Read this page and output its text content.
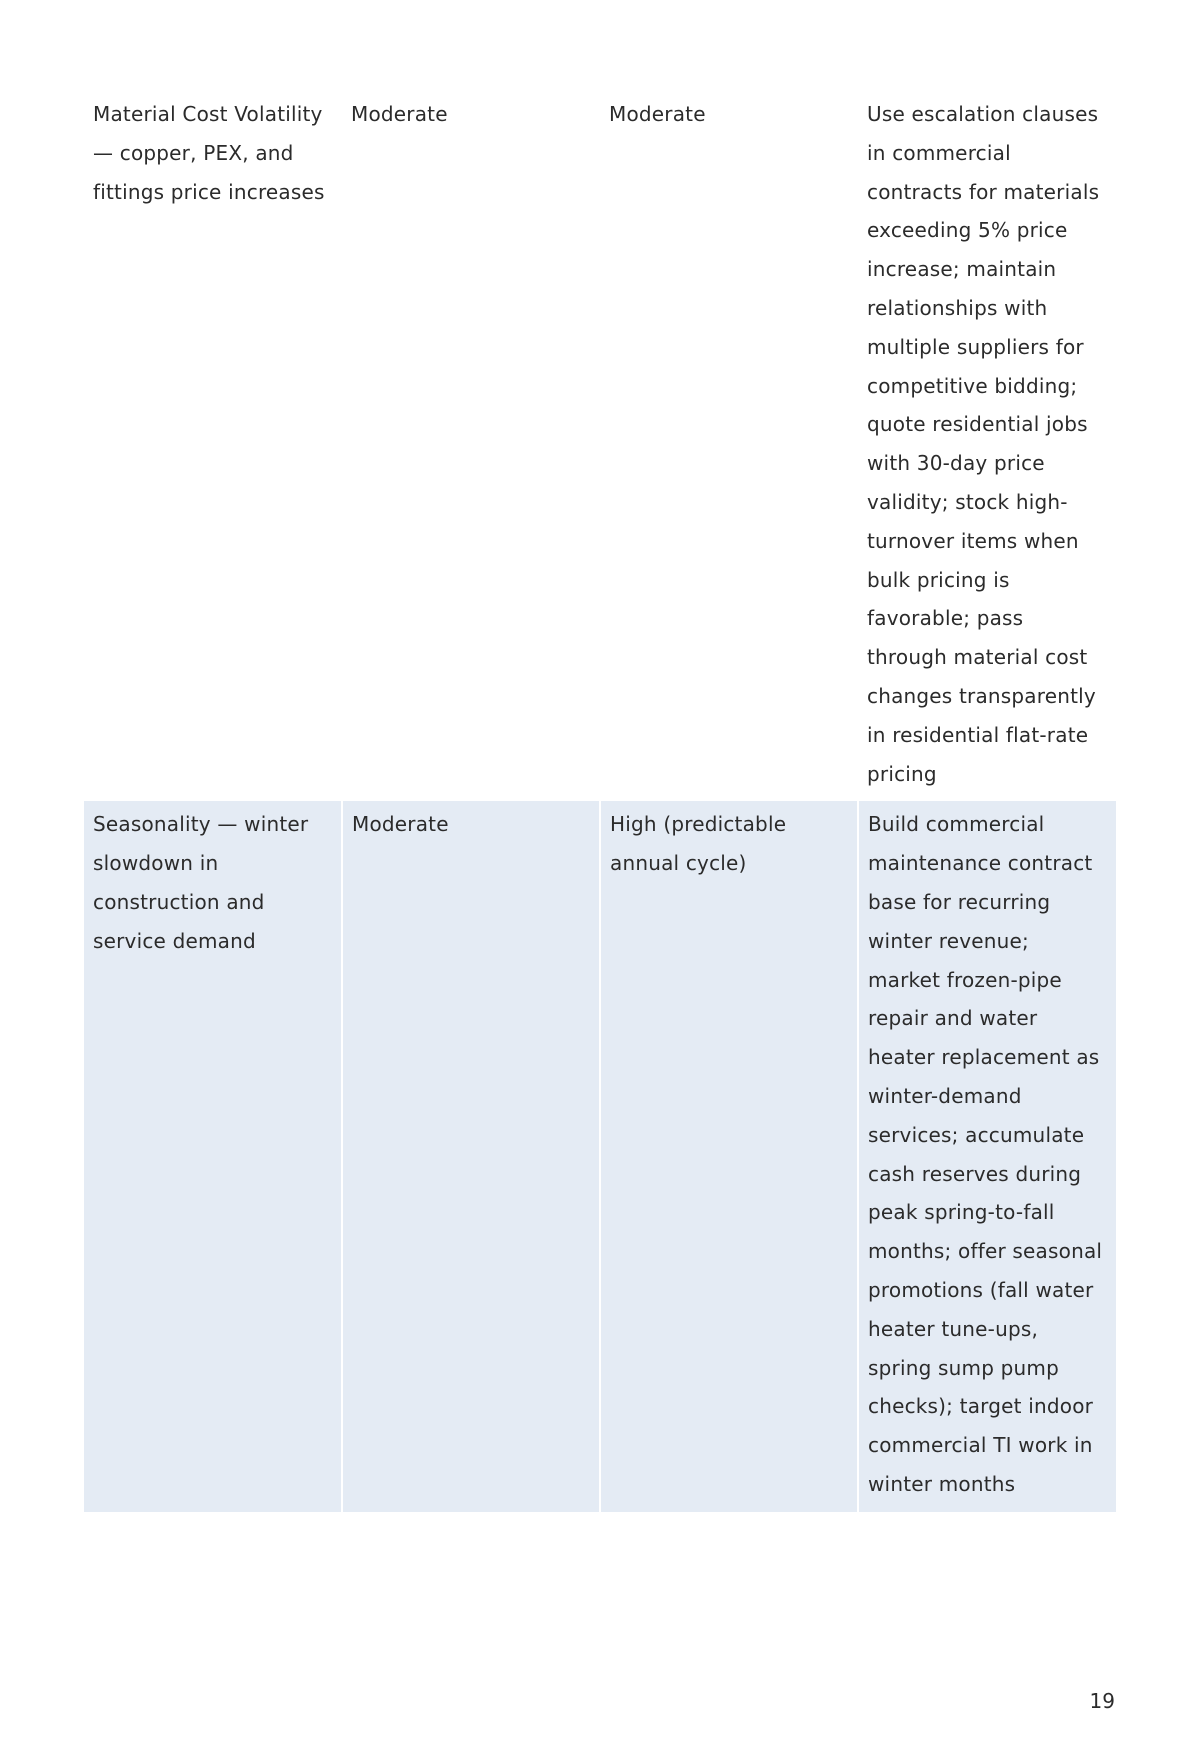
Material Cost Volatility — copper, PEX, and fittings price increases	Moderate	Moderate	Use escalation clauses in commercial contracts for materials exceeding 5% price increase; maintain relationships with multiple suppliers for competitive bidding; quote residential jobs with 30-day price validity; stock high-turnover items when bulk pricing is favorable; pass through material cost changes transparently in residential flat-rate pricing
Seasonality — winter slowdown in construction and service demand	Moderate	High (predictable annual cycle)	Build commercial maintenance contract base for recurring winter revenue; market frozen-pipe repair and water heater replacement as winter-demand services; accumulate cash reserves during peak spring-to-fall months; offer seasonal promotions (fall water heater tune-ups, spring sump pump checks); target indoor commercial TI work in winter months
19
